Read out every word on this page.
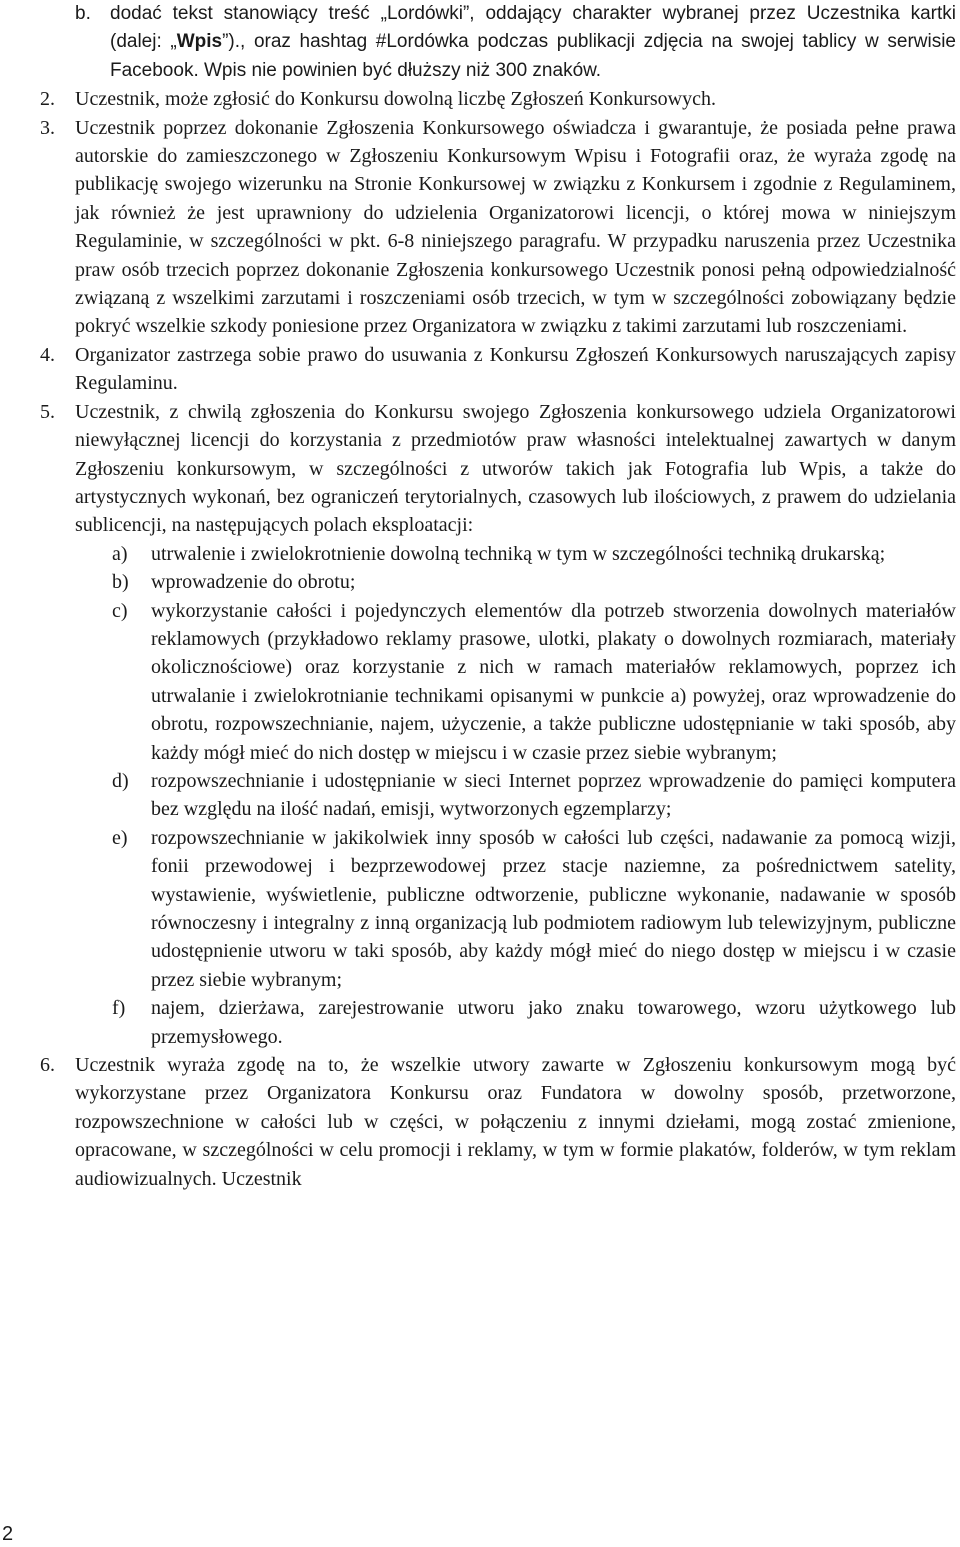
b.	dodać tekst stanowiący treść „Lordówki”, oddający charakter wybranej przez Uczestnika kartki (dalej: „Wpis”)., oraz hashtag #Lordówka podczas publikacji zdjęcia na swojej tablicy w serwisie Facebook. Wpis nie powinien być dłuższy niż 300 znaków.
2.	Uczestnik, może zgłosić do Konkursu dowolną liczbę Zgłoszeń Konkursowych.
3.	Uczestnik poprzez dokonanie Zgłoszenia Konkursowego oświadcza i gwarantuje, że posiada pełne prawa autorskie do zamieszczonego w Zgłoszeniu Konkursowym Wpisu i Fotografii oraz, że wyraża zgodę na publikację swojego wizerunku na Stronie Konkursowej w związku z Konkursem i zgodnie z Regulaminem, jak również że jest uprawniony do udzielenia Organizatorowi licencji, o której mowa w niniejszym Regulaminie, w szczególności w pkt. 6-8 niniejszego paragrafu. W przypadku naruszenia przez Uczestnika praw osób trzecich poprzez dokonanie Zgłoszenia konkursowego Uczestnik ponosi pełną odpowiedzialność związaną z wszelkimi zarzutami i roszczeniami osób trzecich, w tym w szczególności zobowiązany będzie pokryć wszelkie szkody poniesione przez Organizatora w związku z takimi zarzutami lub roszczeniami.
4.	Organizator zastrzega sobie prawo do usuwania z Konkursu Zgłoszeń Konkursowych naruszających zapisy Regulaminu.
5.	Uczestnik, z chwilą zgłoszenia do Konkursu swojego Zgłoszenia konkursowego udziela Organizatorowi niewyłącznej licencji do korzystania z przedmiotów praw własności intelektualnej zawartych w danym Zgłoszeniu konkursowym, w szczególności z utworów takich jak Fotografia lub Wpis, a także do artystycznych wykonań, bez ograniczeń terytorialnych, czasowych lub ilościowych, z prawem do udzielania sublicencji, na następujących polach eksploatacji:
a)	utrwalenie i zwielokrotnienie dowolną techniką w tym w szczególności techniką drukarską;
b)	wprowadzenie do obrotu;
c)	wykorzystanie całości i pojedynczych elementów dla potrzeb stworzenia dowolnych materiałów reklamowych (przykładowo reklamy prasowe, ulotki, plakaty o dowolnych rozmiarach, materiały okolicznościowe) oraz korzystanie z nich w ramach materiałów reklamowych, poprzez ich utrwalanie i zwielokrotnianie technikami opisanymi w punkcie a) powyżej, oraz wprowadzenie do obrotu, rozpowszechnianie, najem, użyczenie, a także publiczne udostępnianie w taki sposób, aby każdy mógł mieć do nich dostęp w miejscu i w czasie przez siebie wybranym;
d)	rozpowszechnianie i udostępnianie w sieci Internet poprzez wprowadzenie do pamięci komputera bez względu na ilość nadań, emisji, wytworzonych egzemplarzy;
e)	rozpowszechnianie w jakikolwiek inny sposób w całości lub części, nadawanie za pomocą wizji, fonii przewodowej i bezprzewodowej przez stacje naziemne, za pośrednictwem satelity, wystawienie, wyświetlenie, publiczne odtworzenie, publiczne wykonanie, nadawanie w sposób równoczesny i integralny z inną organizacją lub podmiotem radiowym lub telewizyjnym, publiczne udostępnienie utworu w taki sposób, aby każdy mógł mieć do niego dostęp w miejscu i w czasie przez siebie wybranym;
f)	najem, dzierżawa, zarejestrowanie utworu jako znaku towarowego, wzoru użytkowego lub przemysłowego.
6.	Uczestnik wyraża zgodę na to, że wszelkie utwory zawarte w Zgłoszeniu konkursowym mogą być wykorzystane przez Organizatora Konkursu oraz Fundatora w dowolny sposób, przetworzone, rozpowszechnione w całości lub w części, w połączeniu z innymi dziełami, mogą zostać zmienione, opracowane, w szczególności w celu promocji i reklamy, w tym w formie plakatów, folderów, w tym reklam audiowizualnych. Uczestnik
2
